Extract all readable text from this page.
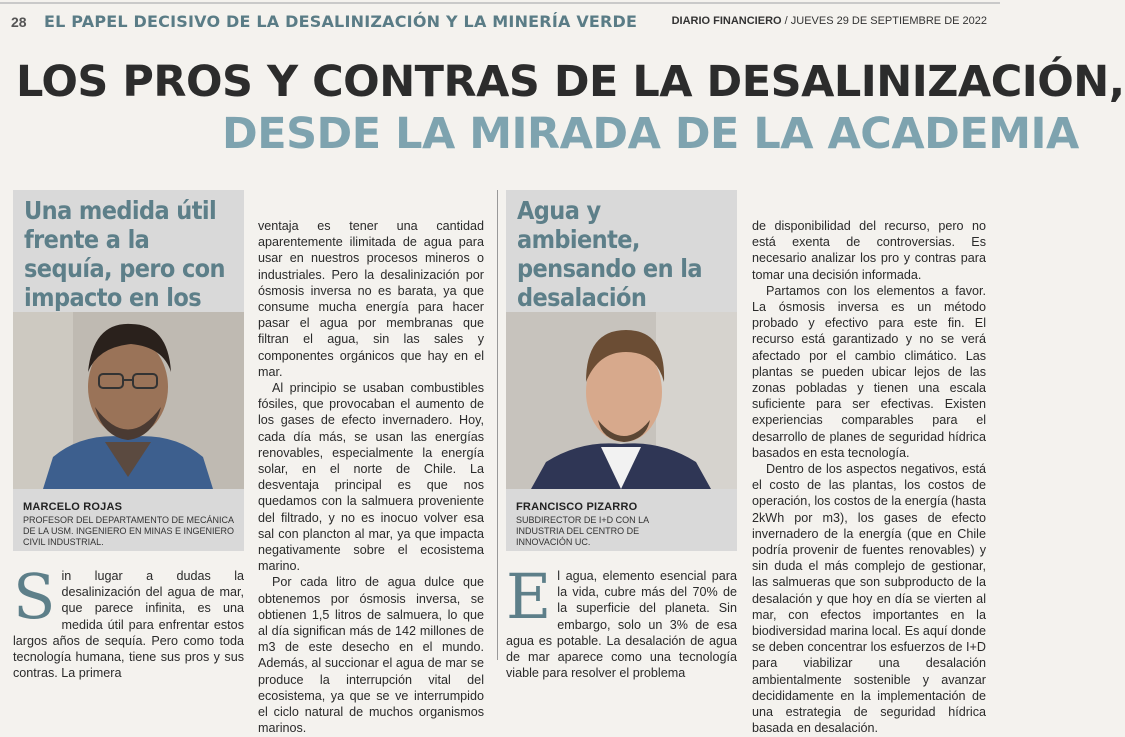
28 EL PAPEL DECISIVO DE LA DESALINIZACIÓN Y LA MINERÍA VERDE	DIARIO FINANCIERO / JUEVES 29 DE SEPTIEMBRE DE 2022
LOS PROS Y CONTRAS DE LA DESALINIZACIÓN,
DESDE LA MIRADA DE LA ACADEMIA
Una medida útil frente a la sequía, pero con impacto en los
MARCELO ROJAS
PROFESOR DEL DEPARTAMENTO DE MECÁNICA DE LA USM. INGENIERO EN MINAS E INGENIERO CIVIL INDUSTRIAL.
Sin lugar a dudas la desalinización del agua de mar, que parece infinita, es una medida útil para enfrentar estos largos años de sequía. Pero como toda tecnología humana, tiene sus pros y sus contras. La primera

ventaja es tener una cantidad aparentemente ilimitada de agua para usar en nuestros procesos mineros o industriales. Pero la desalinización por ósmosis inversa no es barata, ya que consume mucha energía para hacer pasar el agua por membranas que filtran el agua, sin las sales y componentes orgánicos que hay en el mar.

Al principio se usaban combustibles fósiles, que provocaban el aumento de los gases de efecto invernadero. Hoy, cada día más, se usan las energías renovables, especialmente la energía solar, en el norte de Chile. La desventaja principal es que nos quedamos con la salmuera proveniente del filtrado, y no es inocuo volver esa sal con plancton al mar, ya que impacta negativamente sobre el ecosistema marino.

Por cada litro de agua dulce que obtenemos por ósmosis inversa, se obtienen 1,5 litros de salmuera, lo que al día significan más de 142 millones de m3 de este desecho en el mundo. Además, al succionar el agua de mar se produce la interrupción vital del ecosistema, ya que se ve interrumpido el ciclo natural de muchos organismos marinos.

Agua y ambiente, pensando en la desalación
FRANCISCO PIZARRO
SUBDIRECTOR DE I+D CON LA INDUSTRIA DEL CENTRO DE INNOVACIÓN UC.
El agua, elemento esencial para la vida, cubre más del 70% de la superficie del planeta. Sin embargo, solo un 3% de esa agua es potable. La desalación de agua de mar aparece como una tecnología viable para resolver el problema

de disponibilidad del recurso, pero no está exenta de controversias. Es necesario analizar los pro y contras para tomar una decisión informada.

Partamos con los elementos a favor. La ósmosis inversa es un método probado y efectivo para este fin. El recurso está garantizado y no se verá afectado por el cambio climático. Las plantas se pueden ubicar lejos de las zonas pobladas y tienen una escala suficiente para ser efectivas. Existen experiencias comparables para el desarrollo de planes de seguridad hídrica basados en esta tecnología.

Dentro de los aspectos negativos, está el costo de las plantas, los costos de operación, los costos de la energía (hasta 2kWh por m3), los gases de efecto invernadero de la energía (que en Chile podría provenir de fuentes renovables) y sin duda el más complejo de gestionar, las salmueras que son subproducto de la desalación y que hoy en día se vierten al mar, con efectos importantes en la biodiversidad marina local. Es aquí donde se deben concentrar los esfuerzos de I+D para viabilizar una desalación ambientalmente sostenible y avanzar decididamente en la implementación de una estrategia de seguridad hídrica basada en desalación.
